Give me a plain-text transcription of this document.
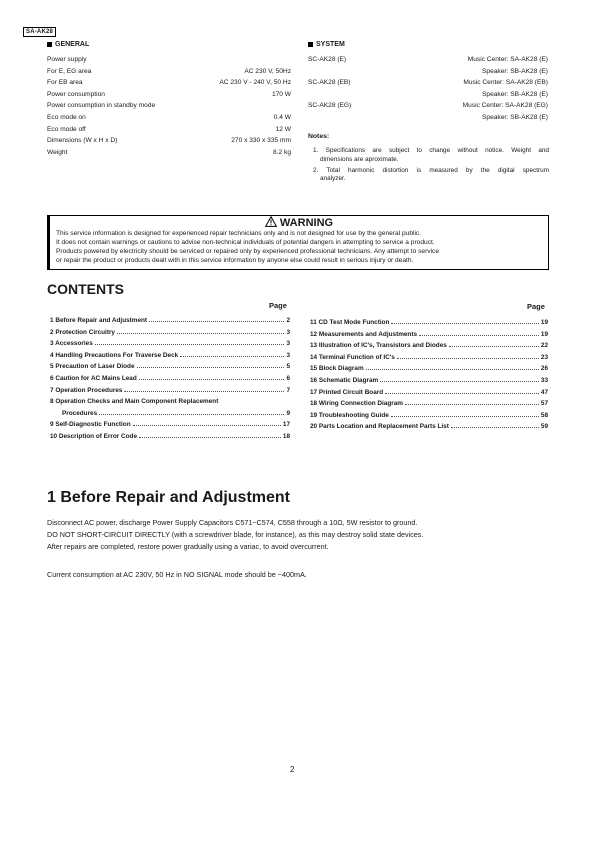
SA-AK28
GENERAL
Power supply
For E, EG area	AC 230 V, 50Hz
For EB area	AC 230 V - 240 V, 50 Hz
Power consumption	170 W
Power consumption in standby mode
Eco mode on	0.4 W
Eco mode off	12 W
Dimensions (W x H x D)	270 x 330 x 335 mm
Weight	8.2 kg
SYSTEM
SC-AK28 (E)	Music Center: SA-AK28 (E)
Speaker: SB-AK28 (E)
SC-AK28 (EB)	Music Center: SA-AK28 (EB)
Speaker: SB-AK28 (E)
SC-AK28 (EG)	Music Center: SA-AK28 (EG)
Speaker: SB-AK28 (E)
Notes:
1. Specifications are subject to change without notice. Weight and
dimensions are aproximate.
2. Total harmonic distortion is measured by the digital spectrum
analyzer.
WARNING
This service information is designed for experienced repair technicians only and is not designed for use by the general public.
It does not contain warnings or cautions to advise non-technical individuals of potential dangers in attempting to service a product.
Products powered by electricity should be serviced or repaired only by experienced professional technicians. Any attempt to service
or repair the product or products dealt with in this service information by anyone else could result in serious injury or death.
CONTENTS
Page	Page
1 Before Repair and Adjustment	2
2 Protection Circuitry	3
3 Accessories	3
4 Handling Precautions For Traverse Deck	3
5 Precaution of Laser Diode	5
6 Caution for AC Mains Lead	6
7 Operation Procedures	7
8 Operation Checks and Main Component Replacement
Procedures	9
9 Self-Diagnostic Function	17
10 Description of Error Code	18
11 CD Test Mode Function	19
12 Measurements and Adjustments	19
13 Illustration of IC's, Transistors and Diodes	22
14 Terminal Function of IC's	23
15 Block Diagram	26
16 Schematic Diagram	33
17 Printed Circuit Board	47
18 Wiring Connection Diagram	57
19 Troubleshooting Guide	58
20 Parts Location and Replacement Parts List	59
1 Before Repair and Adjustment
Disconnect AC power, discharge Power Supply Capacitors C571~C574, C558 through a 10Ω, 5W resistor to ground.
DO NOT SHORT-CIRCUIT DIRECTLY (with a screwdriver blade, for instance), as this may destroy solid state devices.
After repairs are completed, restore power gradually using a variac, to avoid overcurrent.
Current consumption at AC 230V, 50 Hz in NO SIGNAL mode should be ~400mA.
2
